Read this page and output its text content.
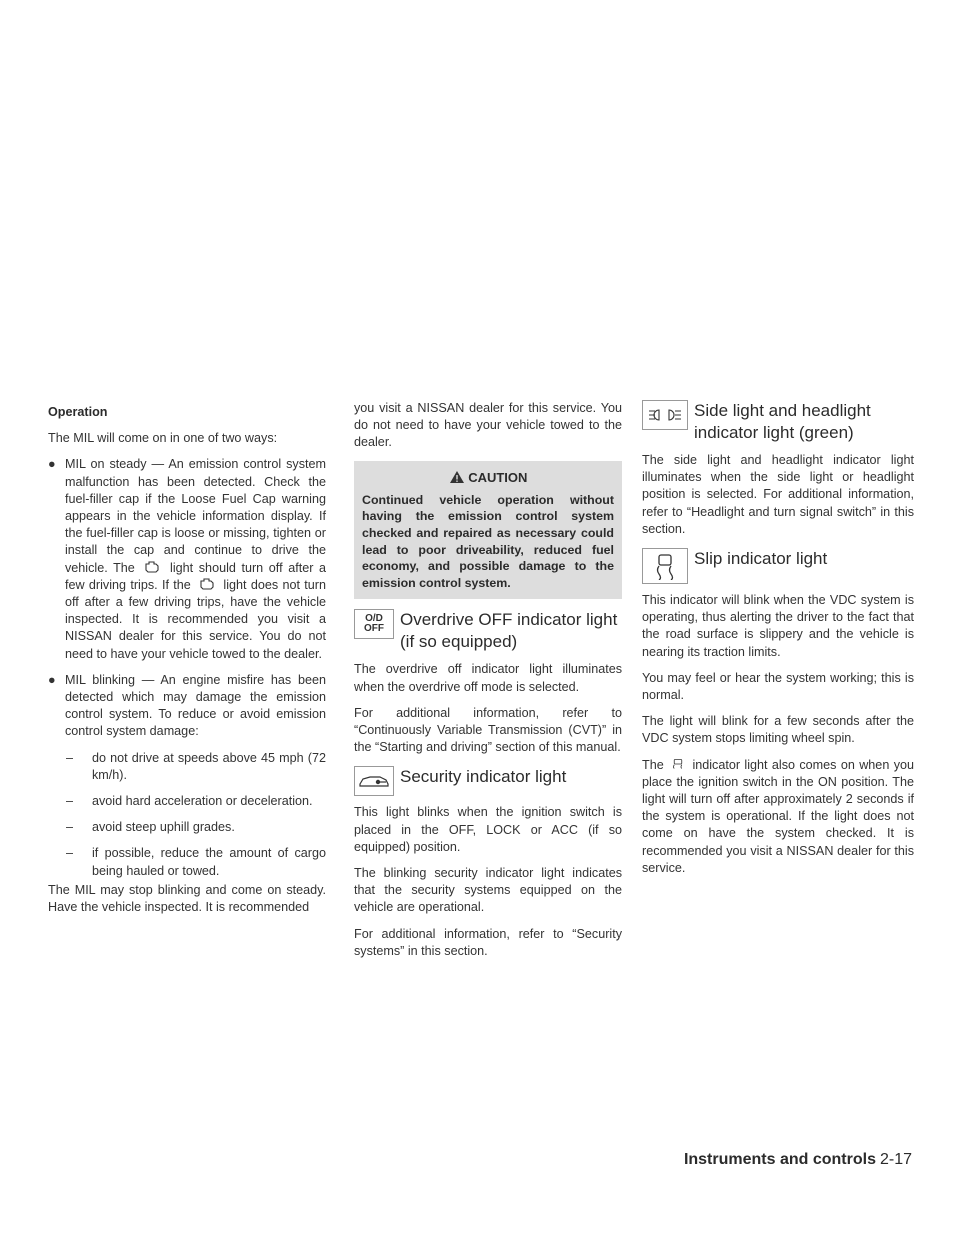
Operation

The MIL will come on in one of two ways:

● MIL on steady — An emission control system malfunction has been detected. Check the fuel-filler cap if the Loose Fuel Cap warning appears in the vehicle information display. If the fuel-filler cap is loose or missing, tighten or install the cap and continue to drive the vehicle. The	light should turn off after a few driving trips. If the	light does not turn off after a few driving trips, have the vehicle inspected. It is recommended you visit a NISSAN dealer for this service. You do not need to have your vehicle towed to the dealer.
● MIL blinking — An engine misfire has been detected which may damage the emission control system. To reduce or avoid emission control system damage:
– do not drive at speeds above 45 mph (72 km/h).
– avoid hard acceleration or deceleration.
– avoid steep uphill grades.
– if possible, reduce the amount of cargo being hauled or towed.

The MIL may stop blinking and come on steady. Have the vehicle inspected. It is recommended

you visit a NISSAN dealer for this service. You do not need to have your vehicle towed to the dealer.

CAUTION
Continued vehicle operation without having the emission control system checked and repaired as necessary could lead to poor driveability, reduced fuel economy, and possible damage to the emission control system.
O/D OFF Overdrive OFF indicator light (if so equipped)

The overdrive off indicator light illuminates when the overdrive off mode is selected.

For additional information, refer to “Continuously Variable Transmission (CVT)” in the “Starting and driving” section of this manual.

Security indicator light

This light blinks when the ignition switch is placed in the OFF, LOCK or ACC (if so equipped) position.

The blinking security indicator light indicates that the security systems equipped on the vehicle are operational.

For additional information, refer to “Security systems” in this section.

Side light and headlight indicator light (green)

The side light and headlight indicator light illuminates when the side light or headlight position is selected. For additional information, refer to “Headlight and turn signal switch” in this section.

Slip indicator light

This indicator will blink when the VDC system is operating, thus alerting the driver to the fact that the road surface is slippery and the vehicle is nearing its traction limits.

You may feel or hear the system working; this is normal.

The light will blink for a few seconds after the VDC system stops limiting wheel spin.

The indicator light also comes on when you place the ignition switch in the ON position. The light will turn off after approximately 2 seconds if the system is operational. If the light does not come on have the system checked. It is recommended you visit a NISSAN dealer for this service.

Instruments and controls 2-17
